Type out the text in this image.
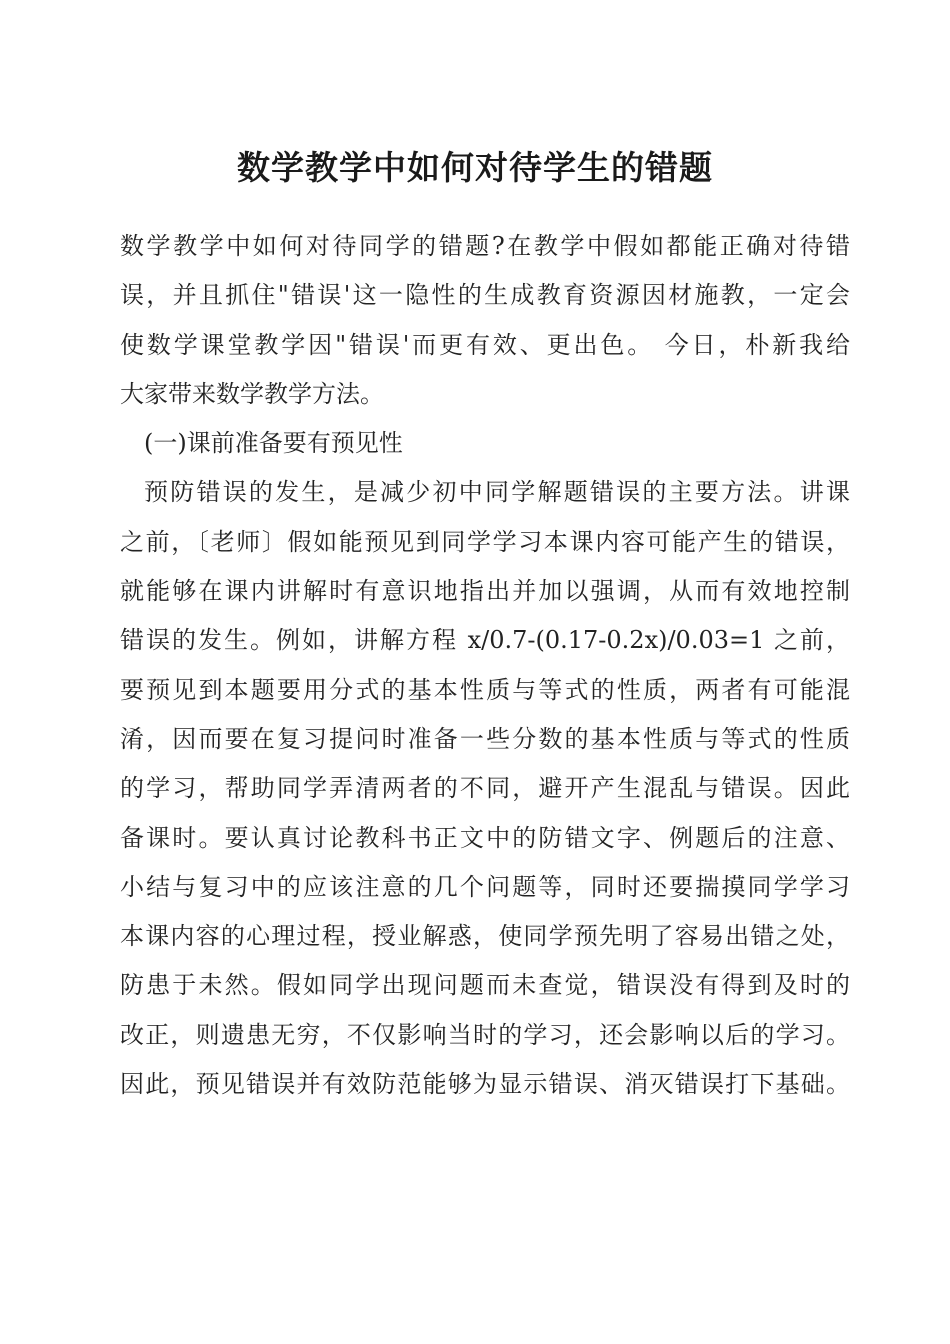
数学教学中如何对待学生的错题
数学教学中如何对待同学的错题?在教学中假如都能正确对待错
误，并且抓住"错误'这一隐性的生成教育资源因材施教，一定会
使数学课堂教学因"错误'而更有效、更出色。 今日，朴新我给
大家带来数学教学方法。
(一)课前准备要有预见性
预防错误的发生，是减少初中同学解题错误的主要方法。讲课
之前，〔老师〕假如能预见到同学学习本课内容可能产生的错误，
就能够在课内讲解时有意识地指出并加以强调，从而有效地控制
错误的发生。例如，讲解方程 x/0.7-(0.17-0.2x)/0.03=1 之前，
要预见到本题要用分式的基本性质与等式的性质，两者有可能混
淆，因而要在复习提问时准备一些分数的基本性质与等式的性质
的学习，帮助同学弄清两者的不同，避开产生混乱与错误。因此
备课时。要认真讨论教科书正文中的防错文字、例题后的注意、
小结与复习中的应该注意的几个问题等，同时还要揣摸同学学习
本课内容的心理过程，授业解惑，使同学预先明了容易出错之处，
防患于未然。假如同学出现问题而未查觉，错误没有得到及时的
改正，则遗患无穷，不仅影响当时的学习，还会影响以后的学习。
因此，预见错误并有效防范能够为显示错误、消灭错误打下基础。
